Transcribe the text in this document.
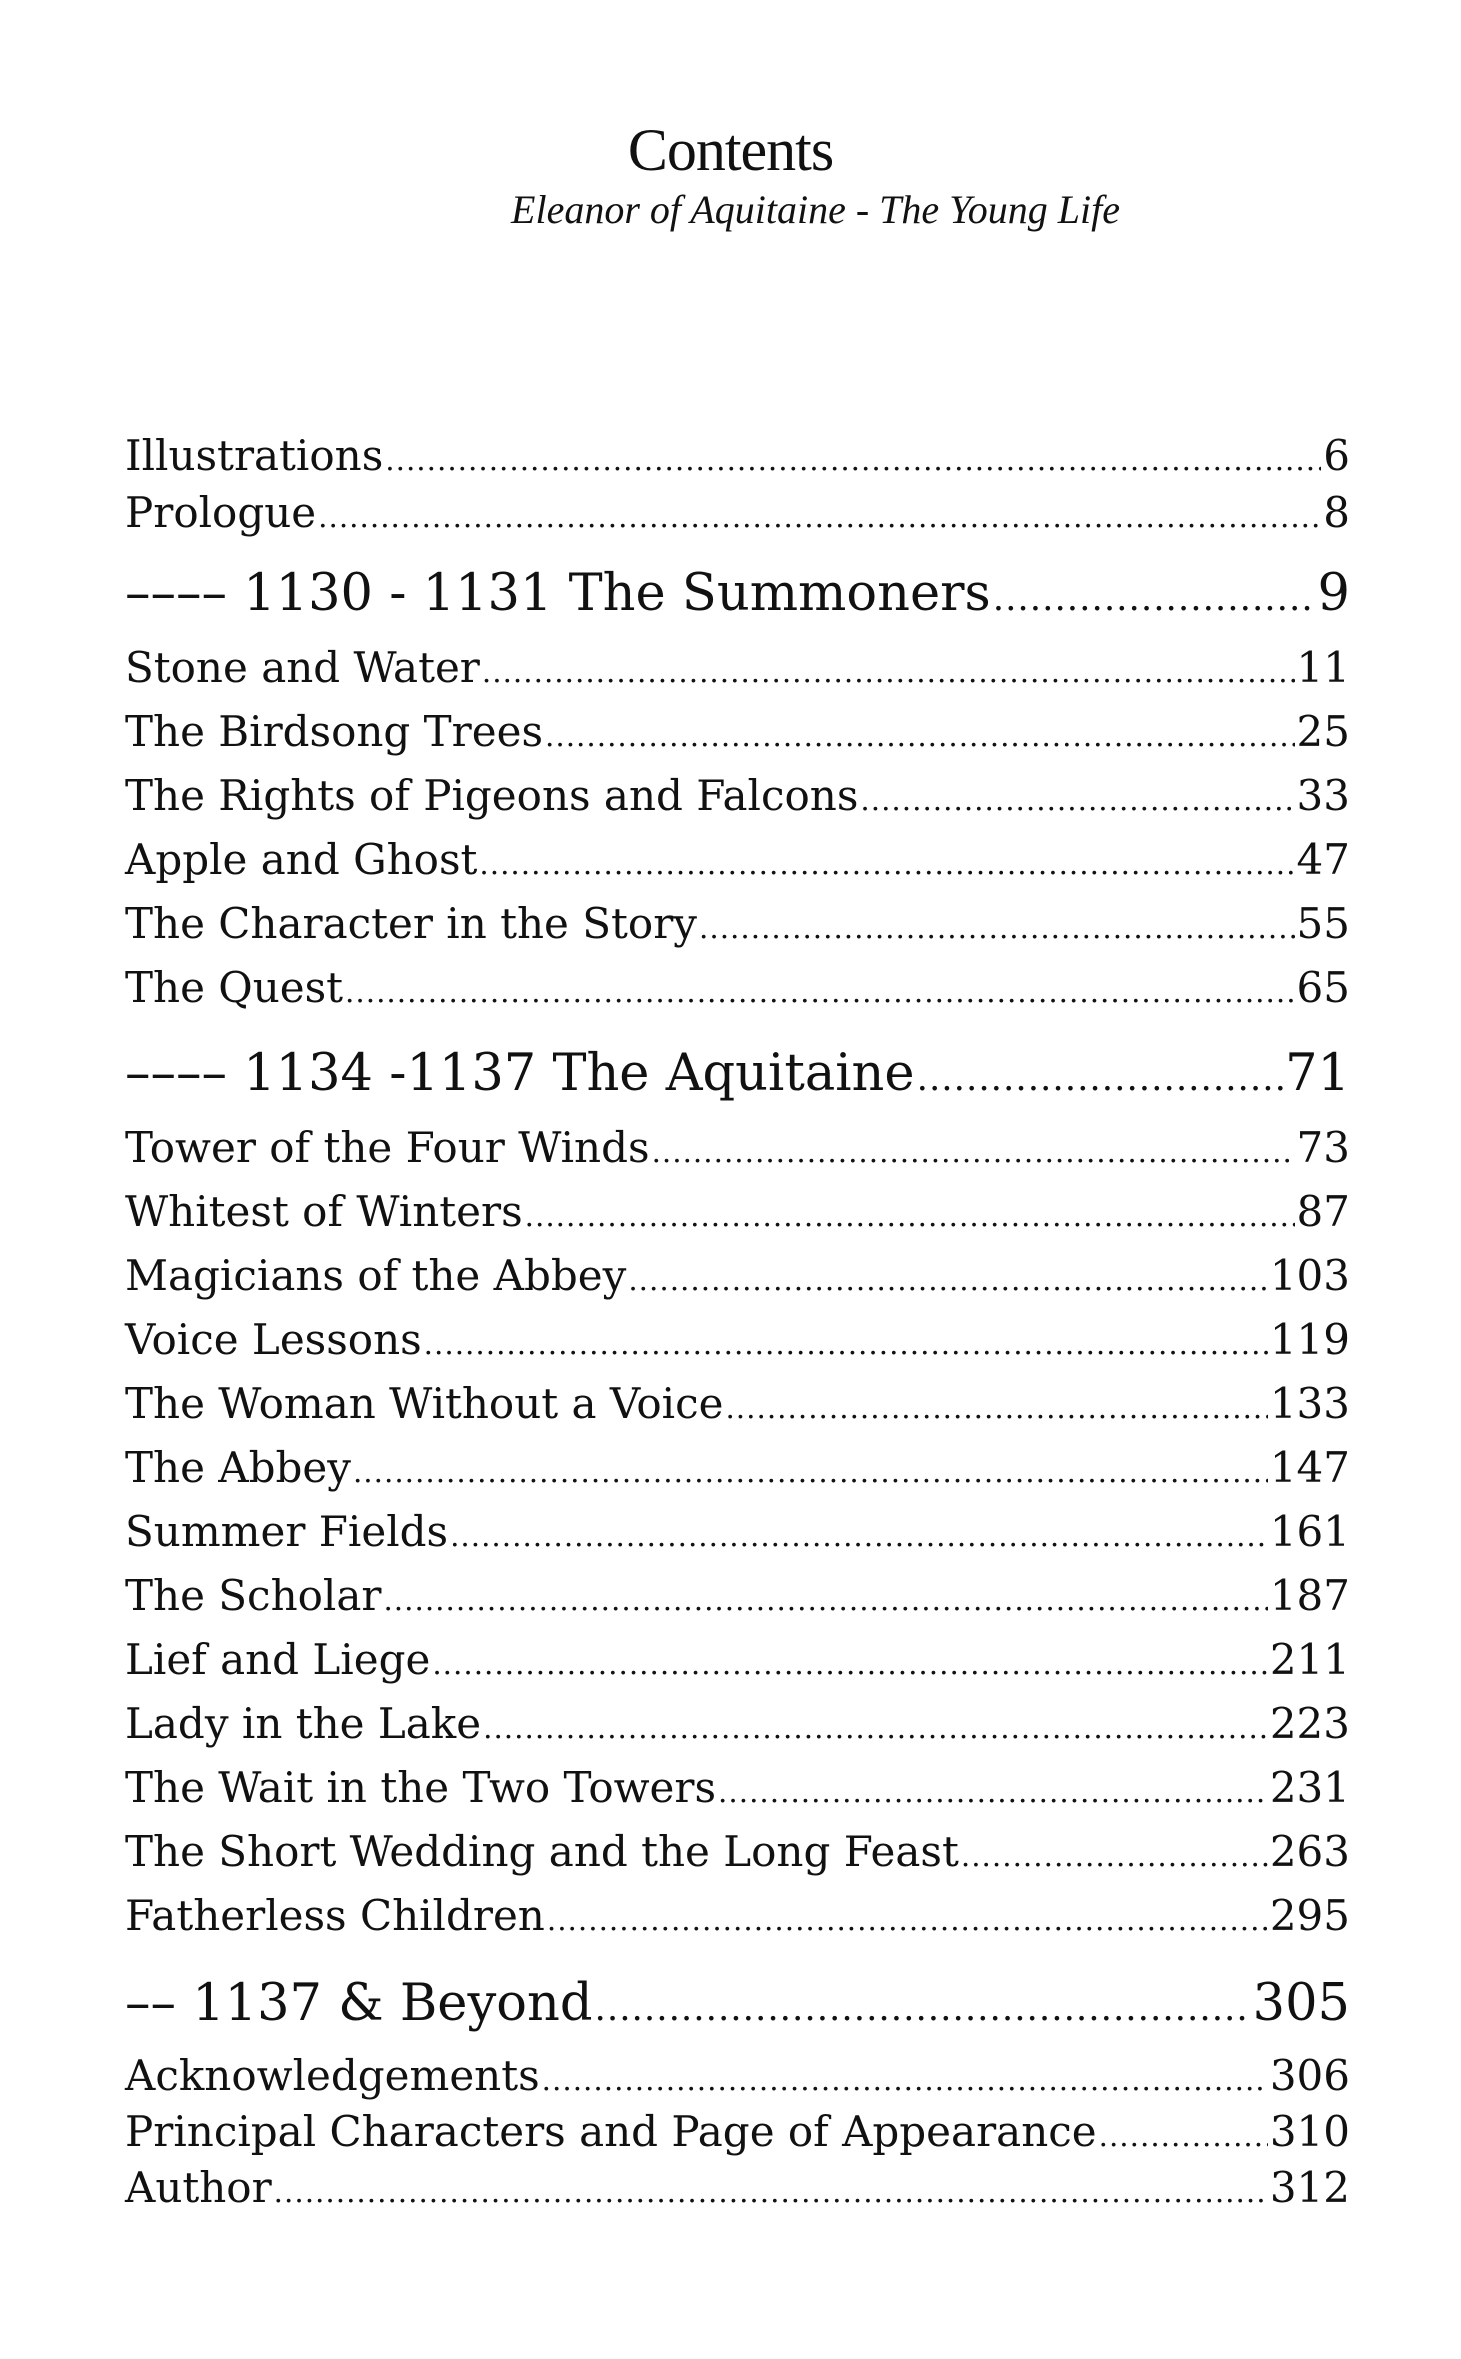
Contents
Eleanor of Aquitaine - The Young Life
Illustrations .....	6
Prologue .....	8
–––– 1130 - 1131 The Summoners .....	9
Stone and Water .....	11
The Birdsong Trees .....	25
The Rights of Pigeons and Falcons .....	33
Apple and Ghost .....	47
The Character in the Story .....	55
The Quest .....	65
–––– 1134 -1137 The Aquitaine .....	71
Tower of the Four Winds .....	73
Whitest of Winters .....	87
Magicians of the Abbey .....	103
Voice Lessons .....	119
The Woman Without a Voice .....	133
The Abbey .....	147
Summer Fields .....	161
The Scholar .....	187
Lief and Liege .....	211
Lady in the Lake .....	223
The Wait in the Two Towers .....	231
The Short Wedding and the Long Feast .....	263
Fatherless Children .....	295
–– 1137 & Beyond .....	305
Acknowledgements .....	306
Principal Characters and Page of Appearance .....	310
Author .....	312
